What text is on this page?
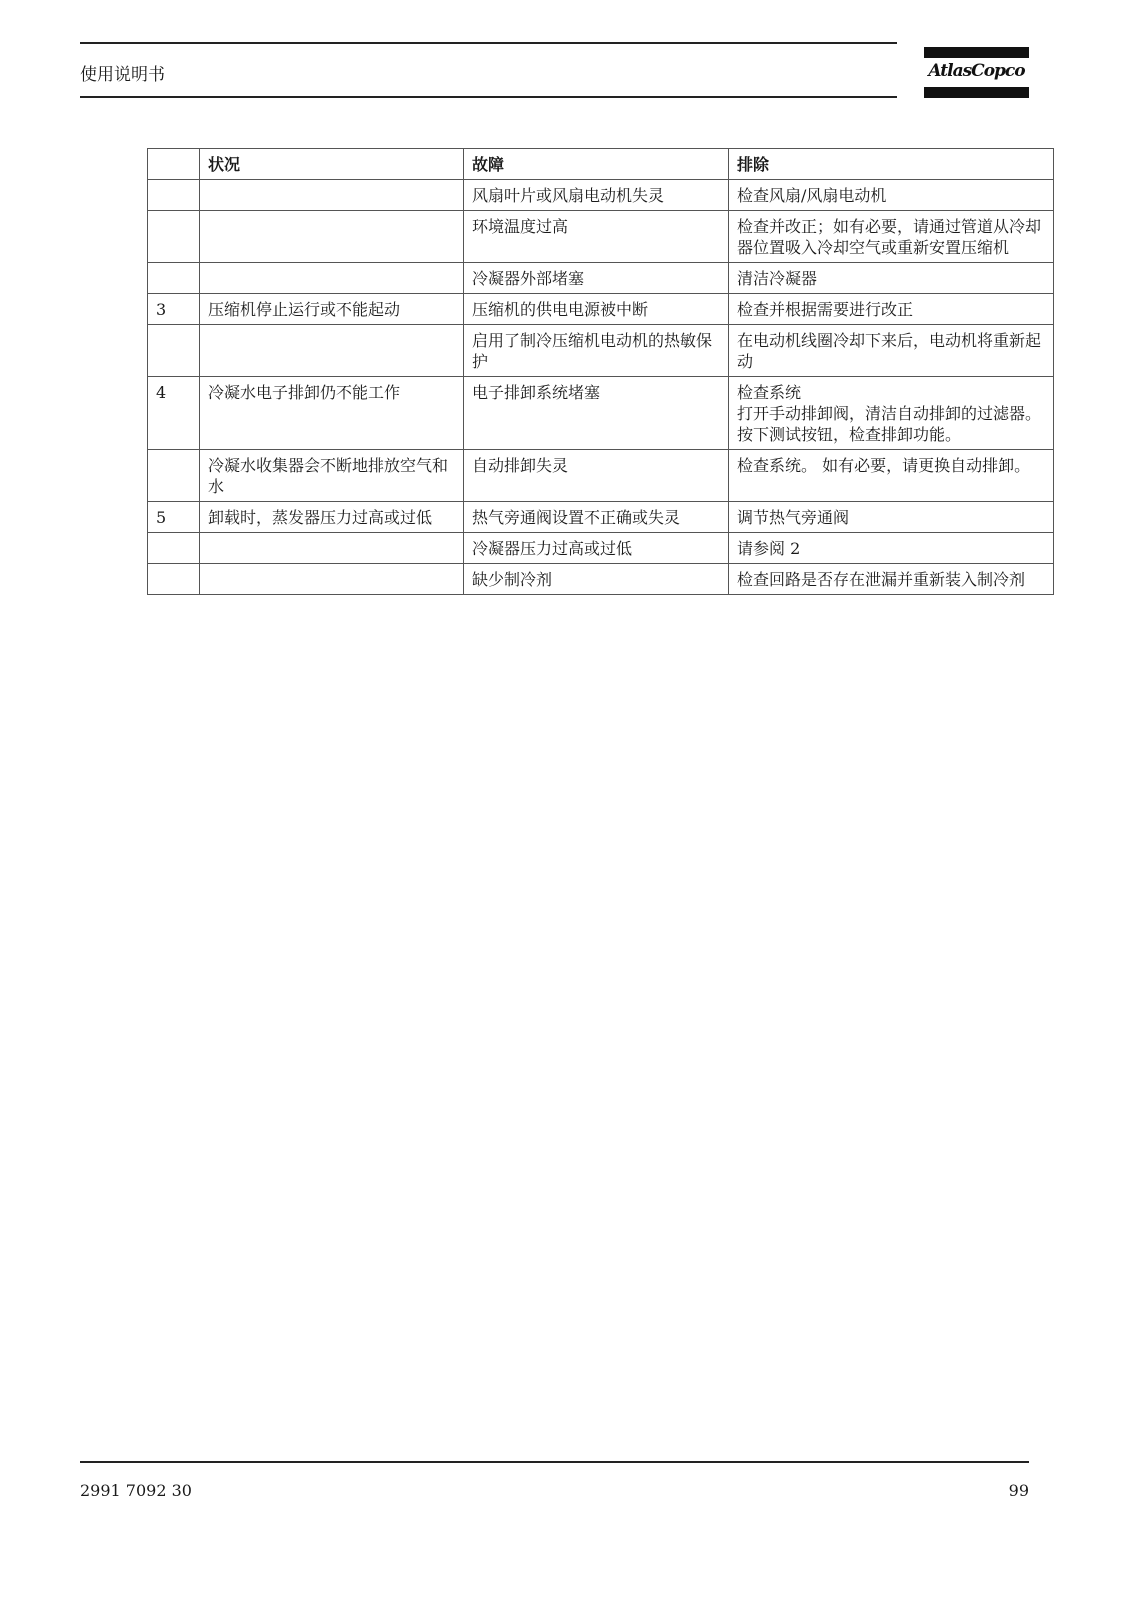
使用说明书	AtlasCopco
	状况	故障	排除
		风扇叶片或风扇电动机失灵	检查风扇/风扇电动机

		环境温度过高	检查并改正；如有必要，请通过管道从冷却器位置吸入冷却空气或重新安置压缩机

		冷凝器外部堵塞	清洁冷凝器

3	压缩机停止运行或不能起动	压缩机的供电电源被中断	检查并根据需要进行改正

		启用了制冷压缩机电动机的热敏保护	在电动机线圈冷却下来后，电动机将重新起动

4	冷凝水电子排卸仍不能工作	电子排卸系统堵塞	检查系统
打开手动排卸阀，清洁自动排卸的过滤器。 按下测试按钮，检查排卸功能。

	冷凝水收集器会不断地排放空气和水	自动排卸失灵	检查系统。 如有必要，请更换自动排卸。

5	卸载时，蒸发器压力过高或过低	热气旁通阀设置不正确或失灵	调节热气旁通阀

		冷凝器压力过高或过低	请参阅 2

		缺少制冷剂	检查回路是否存在泄漏并重新装入制冷剂
2991 7092 30	99
